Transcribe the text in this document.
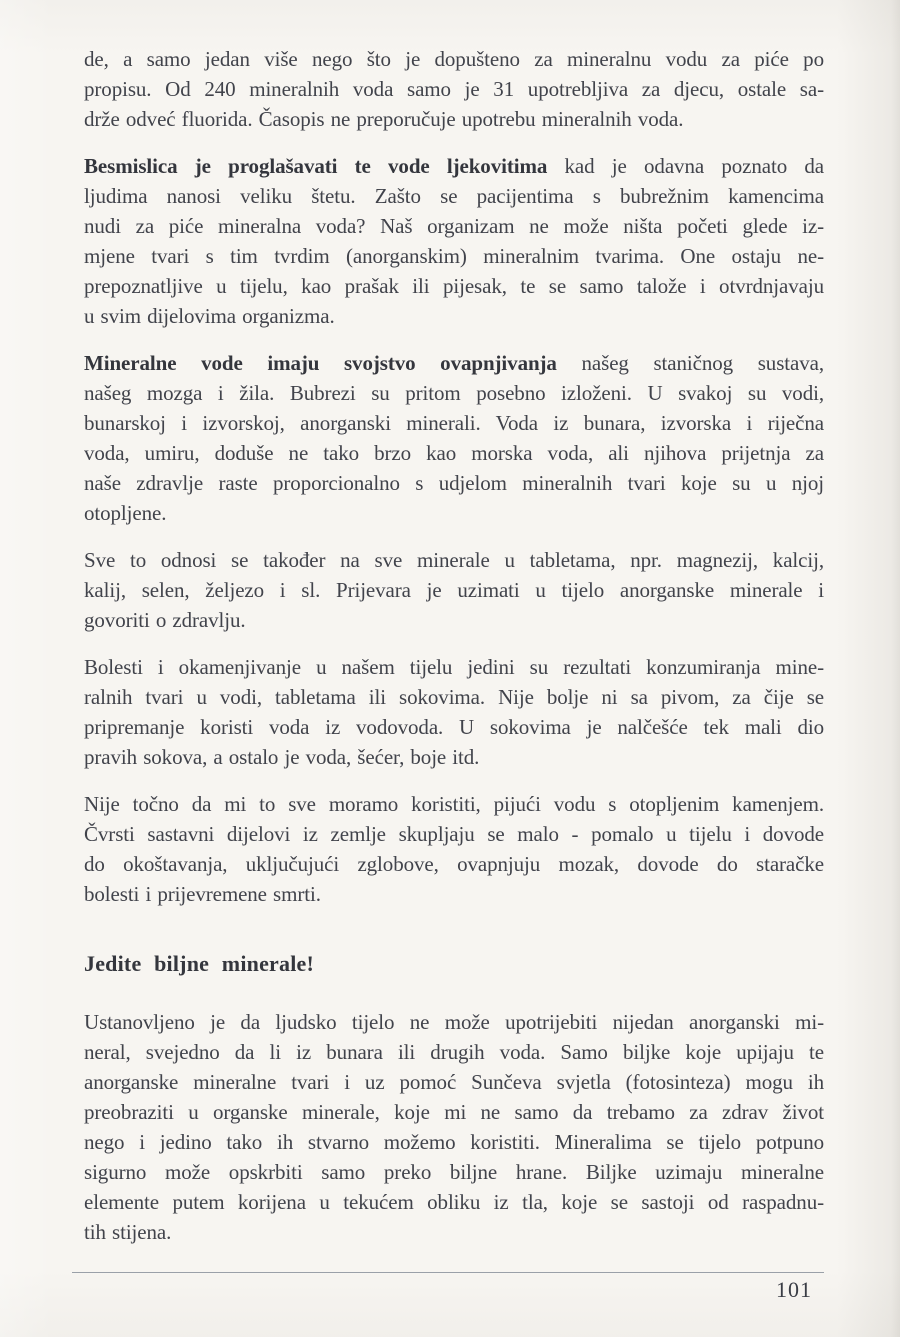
de, a samo jedan više nego što je dopušteno za mineralnu vodu za piće po
propisu. Od 240 mineralnih voda samo je 31 upotrebljiva za djecu, ostale sa-
drže odveć fluorida. Časopis ne preporučuje upotrebu mineralnih voda.

Besmislica je proglašavati te vode ljekovitima kad je odavna poznato da
ljudima nanosi veliku štetu. Zašto se pacijentima s bubrežnim kamencima
nudi za piće mineralna voda? Naš organizam ne može ništa početi glede iz-
mjene tvari s tim tvrdim (anorganskim) mineralnim tvarima. One ostaju ne-
prepoznatljive u tijelu, kao prašak ili pijesak, te se samo talože i otvrdnjavaju
u svim dijelovima organizma.

Mineralne vode imaju svojstvo ovapnjivanja našeg staničnog sustava,
našeg mozga i žila. Bubrezi su pritom posebno izloženi. U svakoj su vodi,
bunarskoj i izvorskoj, anorganski minerali. Voda iz bunara, izvorska i riječna
voda, umiru, doduše ne tako brzo kao morska voda, ali njihova prijetnja za
naše zdravlje raste proporcionalno s udjelom mineralnih tvari koje su u njoj
otopljene.

Sve to odnosi se također na sve minerale u tabletama, npr. magnezij, kalcij,
kalij, selen, željezo i sl. Prijevara je uzimati u tijelo anorganske minerale i
govoriti o zdravlju.

Bolesti i okamenjivanje u našem tijelu jedini su rezultati konzumiranja mine-
ralnih tvari u vodi, tabletama ili sokovima. Nije bolje ni sa pivom, za čije se
pripremanje koristi voda iz vodovoda. U sokovima je nalčešće tek mali dio
pravih sokova, a ostalo je voda, šećer, boje itd.

Nije točno da mi to sve moramo koristiti, pijući vodu s otopljenim kamenjem.
Čvrsti sastavni dijelovi iz zemlje skupljaju se malo - pomalo u tijelu i dovode
do okoštavanja, uključujući zglobove, ovapnjuju mozak, dovode do staračke
bolesti i prijevremene smrti.

Jedite biljne minerale!

Ustanovljeno je da ljudsko tijelo ne može upotrijebiti nijedan anorganski mi-
neral, svejedno da li iz bunara ili drugih voda. Samo biljke koje upijaju te
anorganske mineralne tvari i uz pomoć Sunčeva svjetla (fotosinteza) mogu ih
preobraziti u organske minerale, koje mi ne samo da trebamo za zdrav život
nego i jedino tako ih stvarno možemo koristiti. Mineralima se tijelo potpuno
sigurno može opskrbiti samo preko biljne hrane. Biljke uzimaju mineralne
elemente putem korijena u tekućem obliku iz tla, koje se sastoji od raspadnu-
tih stijena.

101
